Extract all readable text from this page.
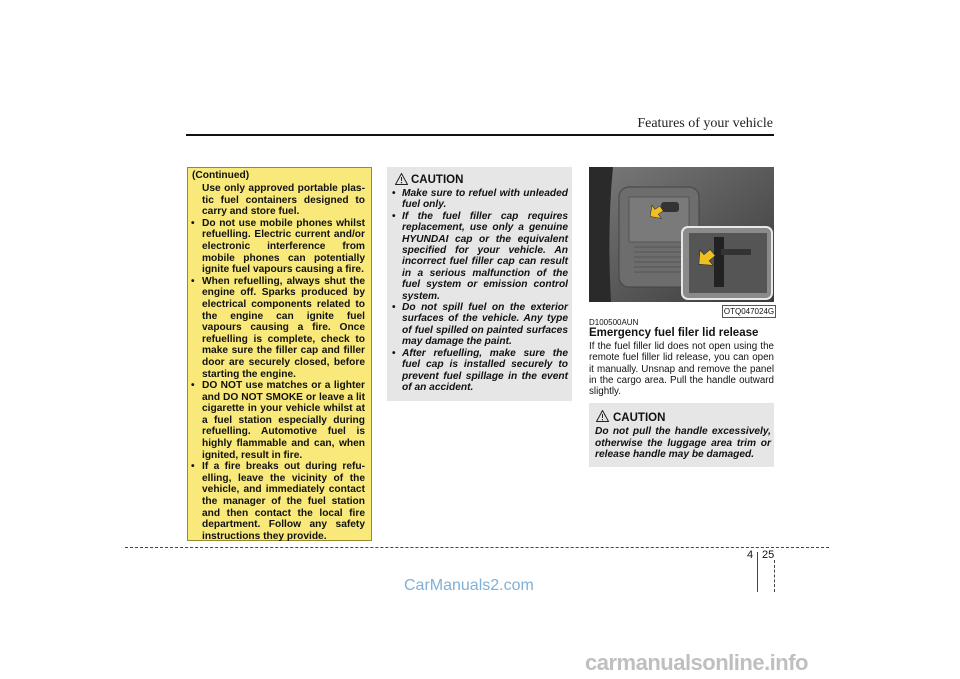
Features of your vehicle
(Continued)
Use only approved portable plas- tic fuel containers designed to carry and store fuel.
• Do not use mobile phones whilst refuelling. Electric current and/or electronic interference from mobile phones can potentially ignite fuel vapours causing a fire.
• When refuelling, always shut the engine off. Sparks produced by electrical components related to the engine can ignite fuel vapours causing a fire. Once refuelling is complete, check to make sure the filler cap and filler door are securely closed, before starting the engine.
• DO NOT use matches or a lighter and DO NOT SMOKE or leave a lit cigarette in your vehicle whilst at a fuel station especially during refuelling. Automotive fuel is highly flammable and can, when ignited, result in fire.
• If a fire breaks out during refu- elling, leave the vicinity of the vehicle, and immediately contact the manager of the fuel station and then contact the local fire department. Follow any safety instructions they provide.
CAUTION
• Make sure to refuel with unleaded fuel only.
• If the fuel filler cap requires replacement, use only a genuine HYUNDAI cap or the equivalent specified for your vehicle. An incorrect fuel filler cap can result in a serious malfunction of the fuel system or emission control system.
• Do not spill fuel on the exterior surfaces of the vehicle. Any type of fuel spilled on painted surfaces may damage the paint.
• After refuelling, make sure the fuel cap is installed securely to prevent fuel spillage in the event of an accident.
OTQ047024G
D100500AUN
Emergency fuel filer lid release
If the fuel filler lid does not open using the remote fuel filler lid release, you can open it manually. Unsnap and remove the panel in the cargo area. Pull the handle outward slightly.
CAUTION
Do not pull the handle excessively, otherwise the luggage area trim or release handle may be damaged.
4 25
CarManuals2.com
carmanualsonline.info
